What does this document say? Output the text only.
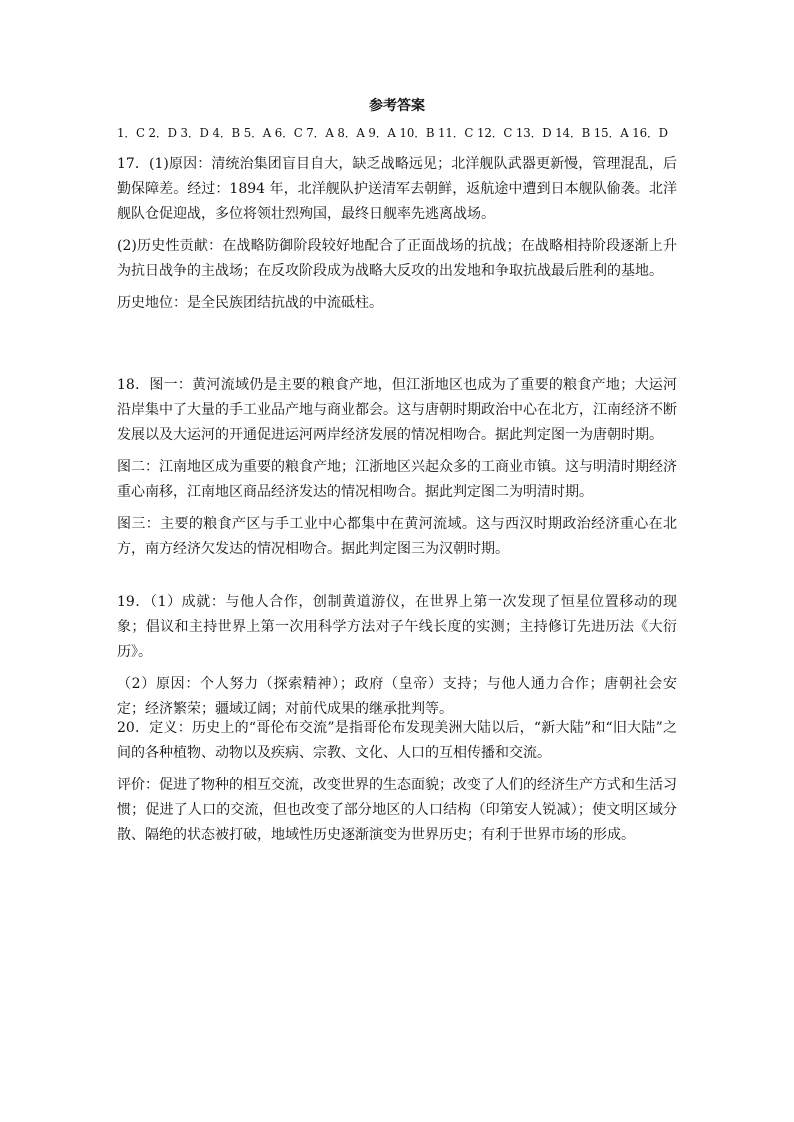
参考答案
1．C 2．D 3．D 4．B 5．A 6．C 7．A 8．A 9．A 10．B 11．C 12．C 13．D 14．B 15．A 16．D

17．(1)原因：清统治集团盲目自大，缺乏战略远见；北洋舰队武器更新慢，管理混乱，后勤保障差。经过：1894 年，北洋舰队护送清军去朝鲜，返航途中遭到日本舰队偷袭。北洋舰队仓促迎战，多位将领壮烈殉国，最终日舰率先逃离战场。

(2)历史性贡献：在战略防御阶段较好地配合了正面战场的抗战；在战略相持阶段逐渐上升为抗日战争的主战场；在反攻阶段成为战略大反攻的出发地和争取抗战最后胜利的基地。

历史地位：是全民族团结抗战的中流砥柱。

18．图一：黄河流域仍是主要的粮食产地，但江浙地区也成为了重要的粮食产地；大运河沿岸集中了大量的手工业品产地与商业都会。这与唐朝时期政治中心在北方，江南经济不断发展以及大运河的开通促进运河两岸经济发展的情况相吻合。据此判定图一为唐朝时期。

图二：江南地区成为重要的粮食产地；江浙地区兴起众多的工商业市镇。这与明清时期经济重心南移，江南地区商品经济发达的情况相吻合。据此判定图二为明清时期。

图三：主要的粮食产区与手工业中心都集中在黄河流域。这与西汉时期政治经济重心在北方，南方经济欠发达的情况相吻合。据此判定图三为汉朝时期。

19．（1）成就：与他人合作，创制黄道游仪，在世界上第一次发现了恒星位置移动的现象；倡议和主持世界上第一次用科学方法对子午线长度的实测；主持修订先进历法《大衍历》。

（2）原因：个人努力（探索精神）；政府（皇帝）支持；与他人通力合作；唐朝社会安定；经济繁荣；疆域辽阔；对前代成果的继承批判等。

20．定义：历史上的“哥伦布交流”是指哥伦布发现美洲大陆以后，“新大陆”和“旧大陆”之间的各种植物、动物以及疾病、宗教、文化、人口的互相传播和交流。

评价：促进了物种的相互交流，改变世界的生态面貌；改变了人们的经济生产方式和生活习惯；促进了人口的交流，但也改变了部分地区的人口结构（印第安人锐减）；使文明区域分散、隔绝的状态被打破，地域性历史逐渐演变为世界历史；有利于世界市场的形成。
